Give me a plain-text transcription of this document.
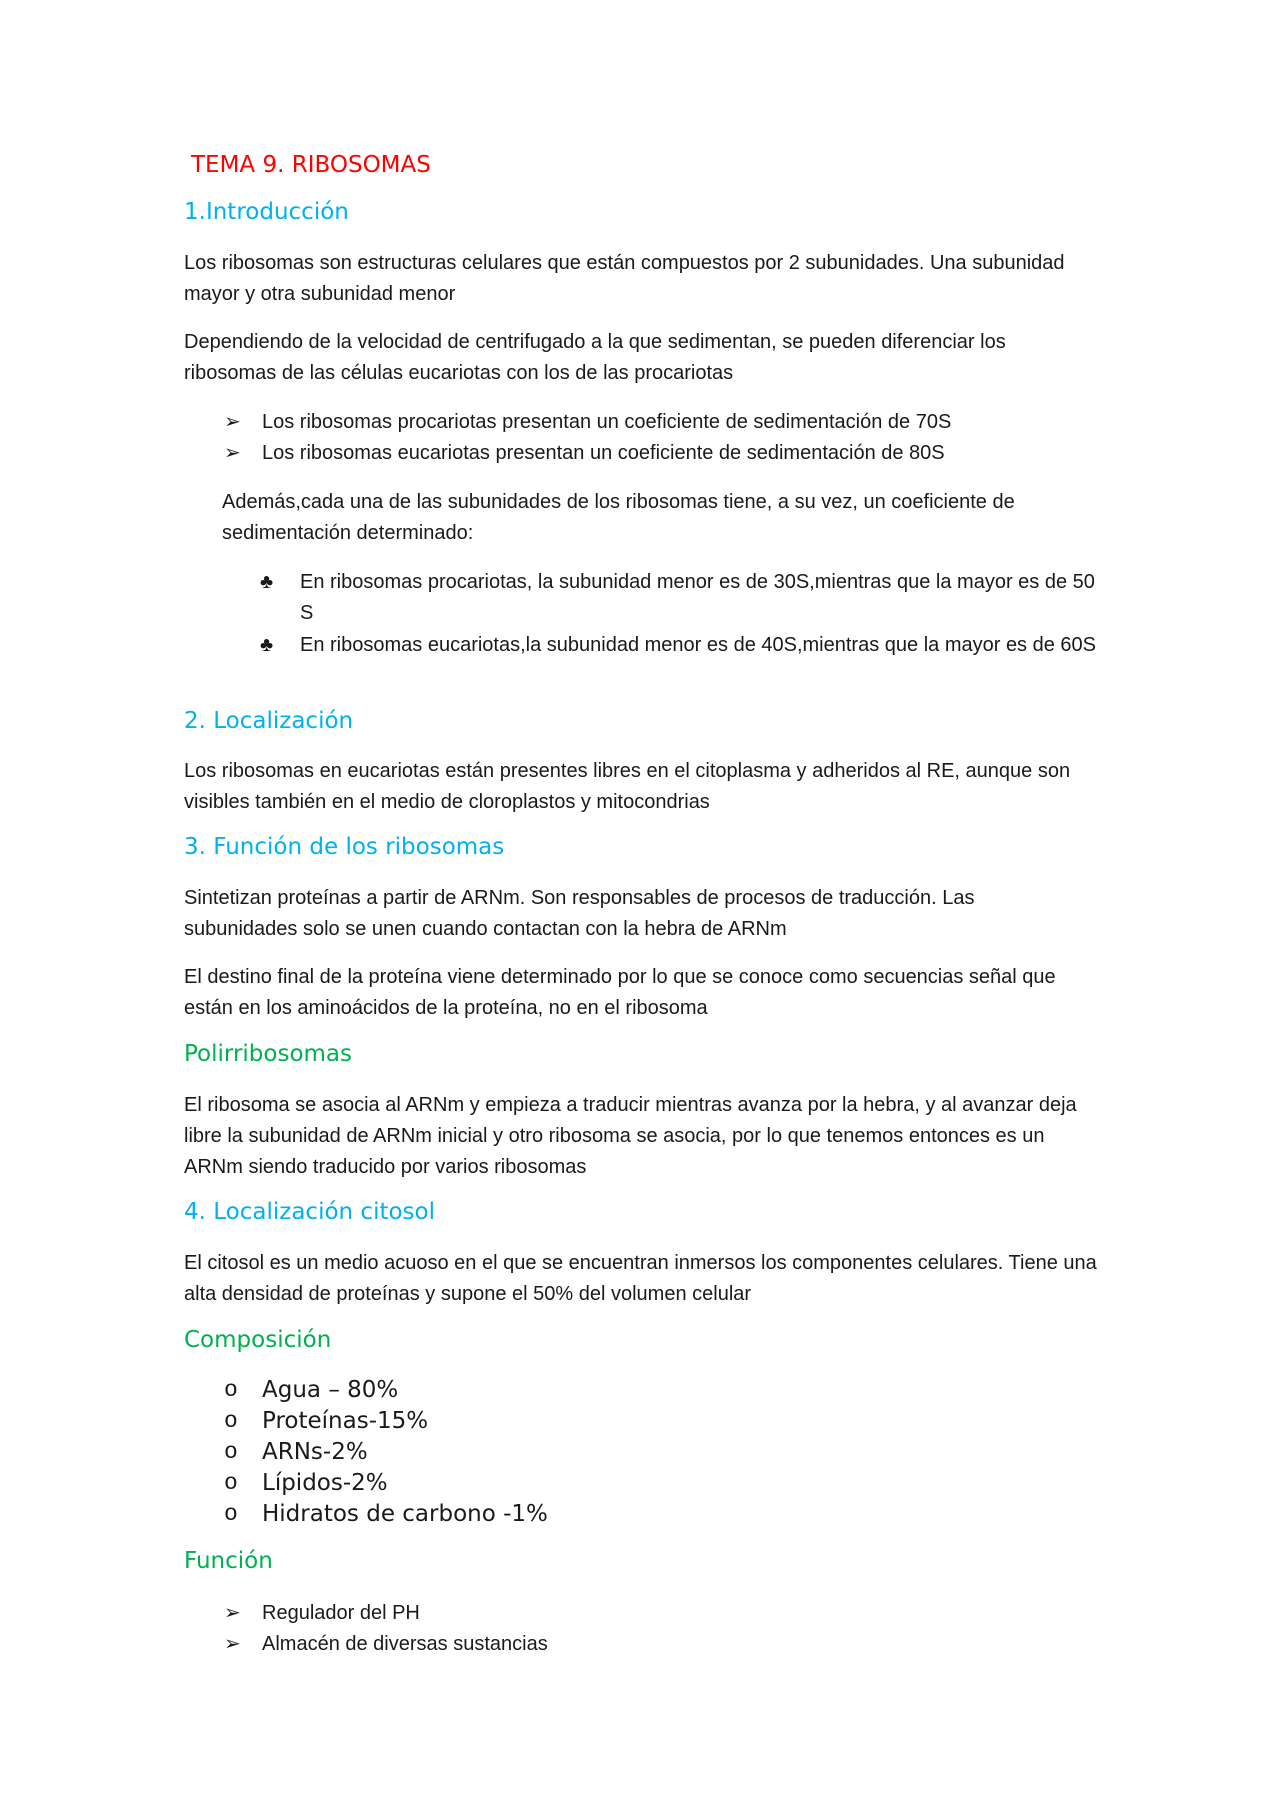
TEMA 9. RIBOSOMAS
1.Introducción
Los ribosomas son estructuras celulares que están compuestos por 2 subunidades. Una subunidad mayor y otra subunidad menor
Dependiendo de la velocidad de centrifugado a la que sedimentan, se pueden diferenciar los ribosomas de las células eucariotas con los de las procariotas
➢ Los ribosomas procariotas presentan un coeficiente de sedimentación de 70S
➢ Los ribosomas eucariotas presentan un coeficiente de sedimentación de 80S
Además,cada una de las subunidades de los ribosomas tiene, a su vez, un coeficiente de sedimentación determinado:
♣ En ribosomas procariotas, la subunidad menor es de 30S,mientras que la mayor es de 50 S
♣ En ribosomas eucariotas,la subunidad menor es de 40S,mientras que la mayor es de 60S
2. Localización
Los ribosomas en eucariotas están presentes libres en el citoplasma y adheridos al RE, aunque son visibles también en el medio de cloroplastos y mitocondrias
3. Función de los ribosomas
Sintetizan proteínas a partir de ARNm. Son responsables de procesos de traducción. Las subunidades solo se unen cuando contactan con la hebra de ARNm
El destino final de la proteína viene determinado por lo que se conoce como secuencias señal que están en los aminoácidos de la proteína, no en el ribosoma
Polirribosomas
El ribosoma se asocia al ARNm y empieza a traducir mientras avanza por la hebra, y al avanzar deja libre la subunidad de ARNm inicial y otro ribosoma se asocia, por lo que tenemos entonces es un ARNm siendo traducido por varios ribosomas
4. Localización citosol
El citosol es un medio acuoso en el que se encuentran inmersos los componentes celulares. Tiene una alta densidad de proteínas y supone el 50% del volumen celular
Composición
o Agua – 80%
o Proteínas-15%
o ARNs-2%
o Lípidos-2%
o Hidratos de carbono -1%
Función
➢ Regulador del PH
➢ Almacén de diversas sustancias
